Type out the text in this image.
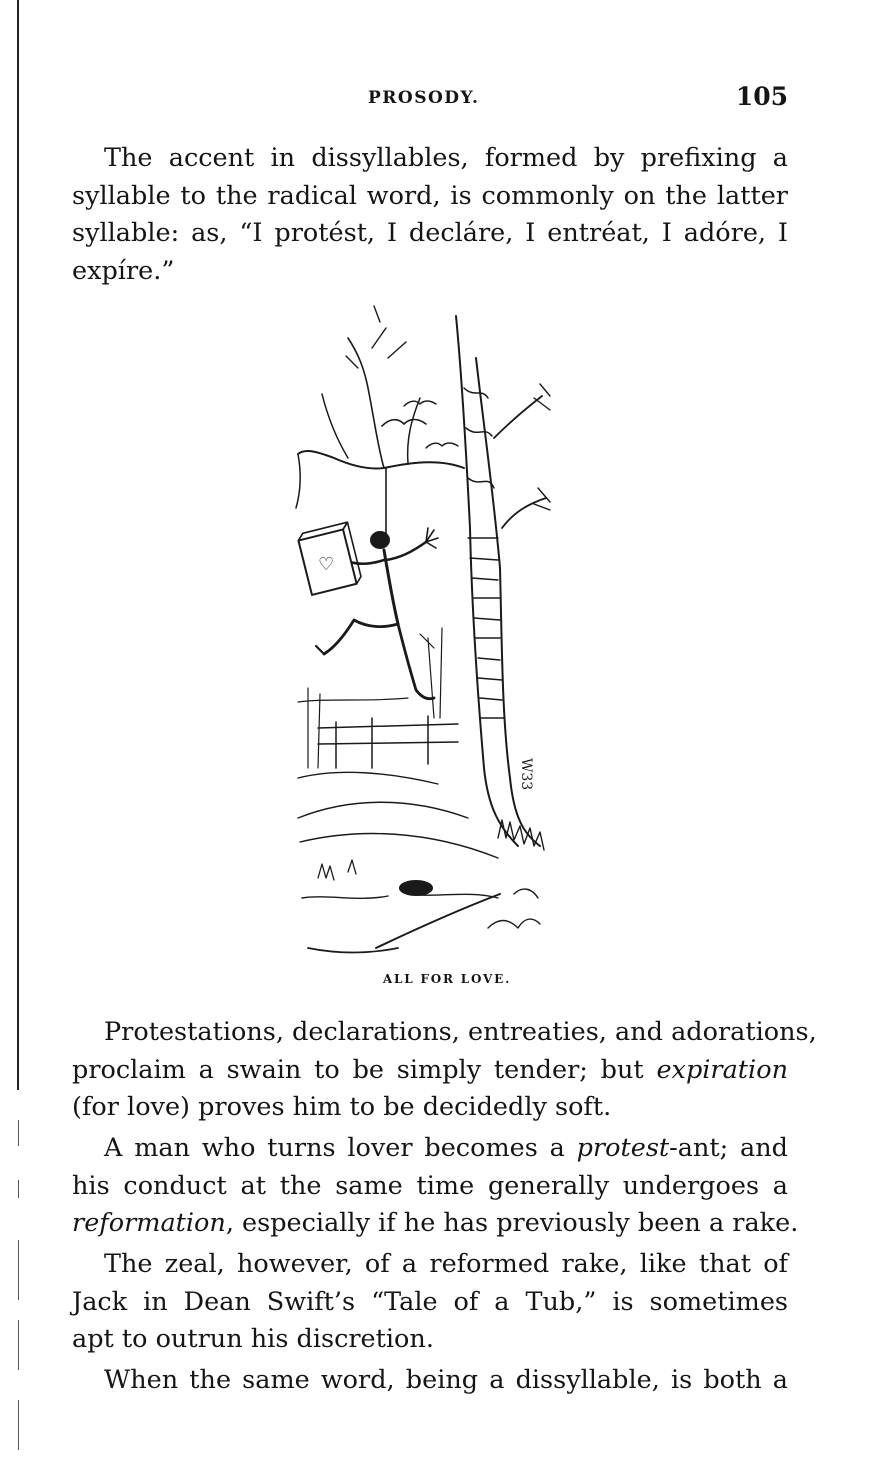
PROSODY.	105

The accent in dissyllables, formed by prefixing a
syllable to the radical word, is commonly on the latter
syllable: as, “I protést, I decláre, I entréat, I adóre, I
expíre.”

♡
W33
ALL FOR LOVE.

Protestations, declarations, entreaties, and adorations,
proclaim a swain to be simply tender; but expiration
(for love) proves him to be decidedly soft.

A man who turns lover becomes a protest-ant; and
his conduct at the same time generally undergoes a
reformation, especially if he has previously been a rake.

The zeal, however, of a reformed rake, like that of
Jack in Dean Swift’s “Tale of a Tub,” is sometimes
apt to outrun his discretion.

When the same word, being a dissyllable, is both a
